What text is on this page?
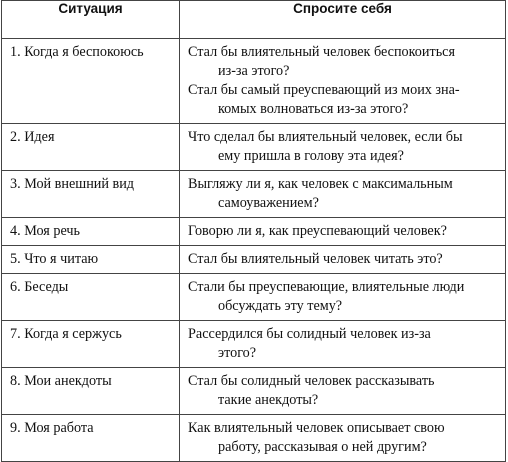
Ситуация	Спросите себя

1. Когда я беспокоюсь	Стал бы влиятельный человек беспокоиться
из-за этого?
Стал бы самый преуспевающий из моих зна-
комых волноваться из-за этого?

2. Идея	Что сделал бы влиятельный человек, если бы
ему пришла в голову эта идея?

3. Мой внешний вид	Выгляжу ли я, как человек с максимальным
самоуважением?

4. Моя речь	Говорю ли я, как преуспевающий человек?

5. Что я читаю	Стал бы влиятельный человек читать это?

6. Беседы	Стали бы преуспевающие, влиятельные люди
обсуждать эту тему?

7. Когда я сержусь	Рассердился бы солидный человек из-за
этого?

8. Мои анекдоты	Стал бы солидный человек рассказывать
такие анекдоты?

9. Моя работа	Как влиятельный человек описывает свою
работу, рассказывая о ней другим?
